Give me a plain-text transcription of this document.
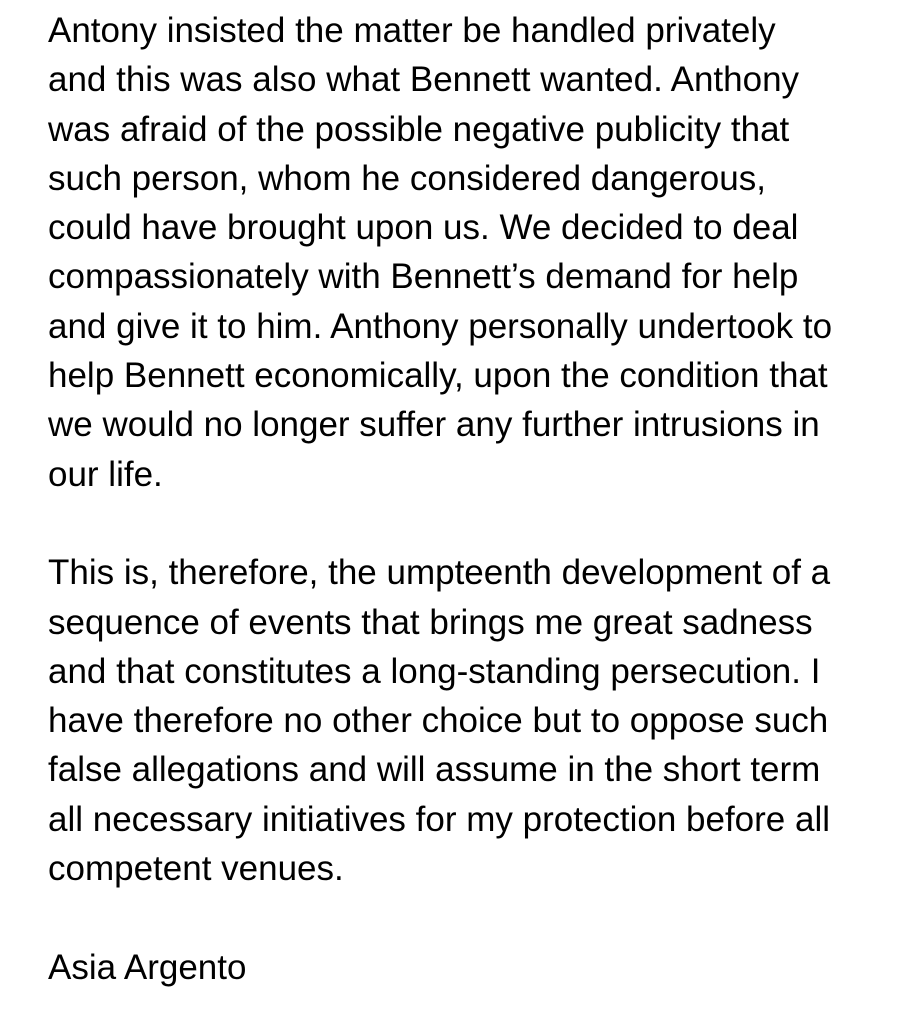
Antony insisted the matter be handled privately
and this was also what Bennett wanted. Anthony
was afraid of the possible negative publicity that
such person, whom he considered dangerous,
could have brought upon us. We decided to deal
compassionately with Bennett’s demand for help
and give it to him. Anthony personally undertook to
help Bennett economically, upon the condition that
we would no longer suffer any further intrusions in
our life.
This is, therefore, the umpteenth development of a
sequence of events that brings me great sadness
and that constitutes a long-standing persecution. I
have therefore no other choice but to oppose such
false allegations and will assume in the short term
all necessary initiatives for my protection before all
competent venues.
Asia Argento
